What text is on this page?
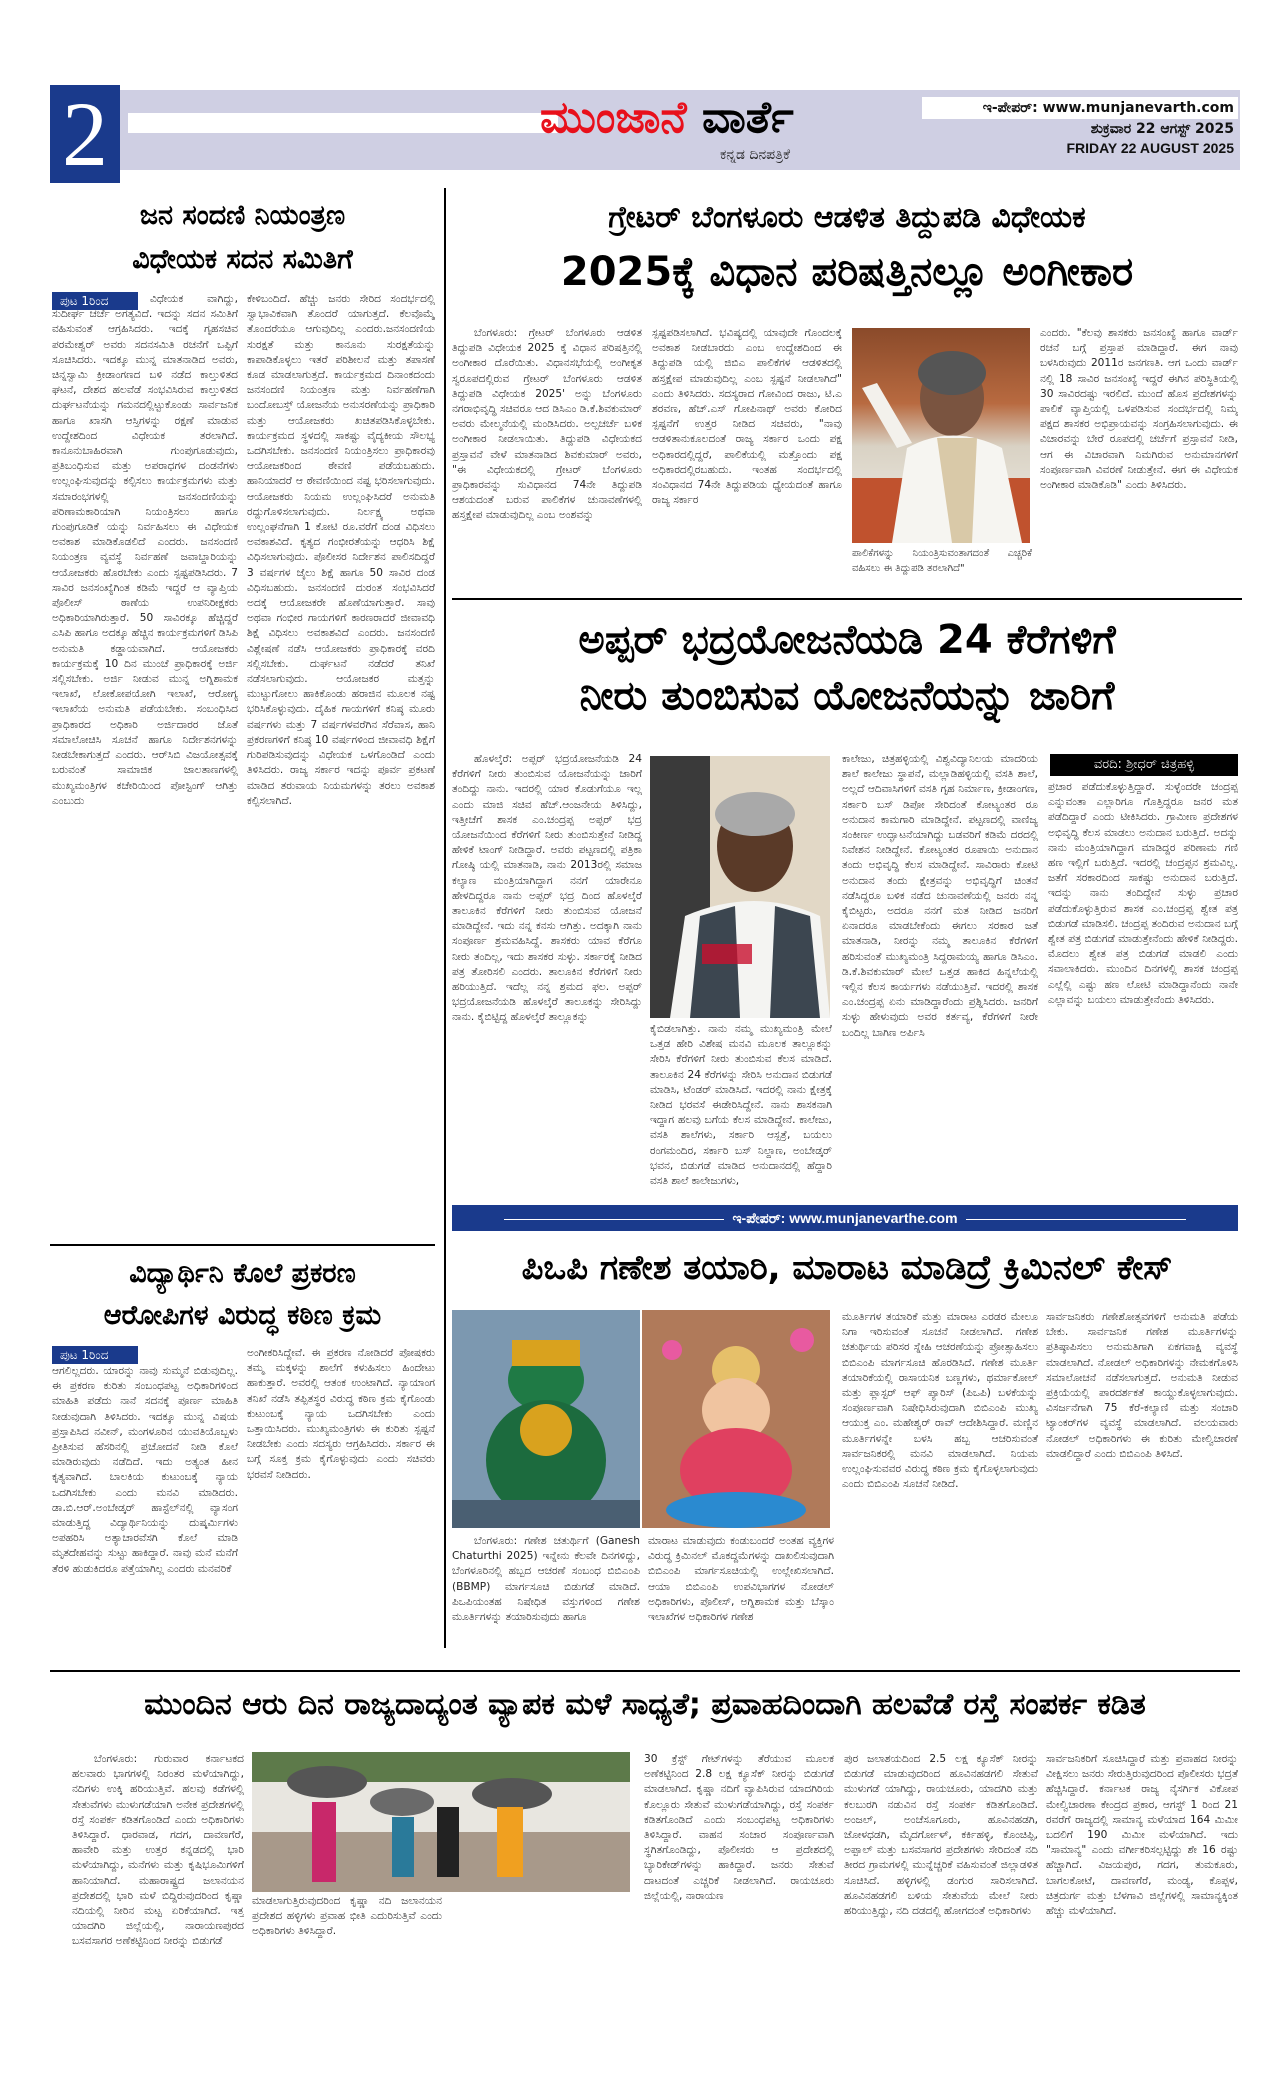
2	ಮುಂಜಾನೆ ವಾರ್ತೆ
ಕನ್ನಡ ದಿನಪತ್ರಿಕೆ
ಇ-ಪೇಪರ್: www.munjanevarth.com
ಶುಕ್ರವಾರ 22 ಆಗಸ್ಟ್ 2025
FRIDAY 22 AUGUST 2025
ಜನ ಸಂದಣಿ ನಿಯಂತ್ರಣ
ವಿಧೇಯಕ ಸದನ ಸಮಿತಿಗೆ
ಪುಟ 1ರಿಂದ	ವಿಧೇಯಕ ವಾಗಿದ್ದು, ಸುದೀರ್ಘ ಚರ್ಚೆ ಅಗತ್ಯವಿದೆ. ಇದನ್ನು ಸದನ ಸಮಿತಿಗೆ ವಹಿಸುವಂತೆ ಆಗ್ರಹಿಸಿದರು. ಇದಕ್ಕೆ ಗೃಹಸಚಿವ ಪರಮೇಶ್ವರ್ ಅವರು ಸದನಸಮಿತಿ ರಚನೆಗೆ ಒಪ್ಪಿಗೆ ಸೂಚಿಸಿದರು. ಇದಕ್ಕೂ ಮುನ್ನ ಮಾತನಾಡಿದ ಅವರು, ಚಿನ್ನಸ್ವಾಮಿ ಕ್ರೀಡಾಂಗಣದ ಬಳಿ ನಡೆದ ಕಾಲ್ತುಳಿತದ ಘಟನೆ, ದೇಶದ ಹಲವೆಡೆ ಸಂಭವಿಸಿರುವ ಕಾಲ್ತುಳಿತದ ದುರ್ಘಟನೆಯನ್ನು ಗಮನದಲ್ಲಿಟ್ಟುಕೊಂಡು ಸಾರ್ವಜನಿಕ ಹಾಗೂ ಖಾಸಗಿ ಆಸ್ತಿಗಳನ್ನು ರಕ್ಷಣೆ ಮಾಡುವ ಉದ್ದೇಶದಿಂದ ವಿಧೇಯಕ ತರಲಾಗಿದೆ. ಕಾನೂನುಬಾಹಿರವಾಗಿ ಗುಂಪುಗೂಡುವುದು, ಪ್ರತಿಬಂಧಿಸುವ ಮತ್ತು ಅಪರಾಧಗಳ ದಂಡನೆಗಳು ಉಲ್ಲಂಘಿಸುವುದನ್ನು ಕಲ್ಪಿಸಲು ಕಾರ್ಯಕ್ರಮಗಳು ಮತ್ತು ಸಮಾರಂಭಗಳಲ್ಲಿ ಜನಸಂದಣಿಯನ್ನು ಪರಿಣಾಮಕಾರಿಯಾಗಿ ನಿಯಂತ್ರಿಸಲು ಹಾಗೂ ಗುಂಪುಗೂಡಿಕೆ ಯನ್ನು ನಿರ್ವಹಿಸಲು ಈ ವಿಧೇಯಕ ಅವಕಾಶ ಮಾಡಿಕೊಡಲಿದೆ ಎಂದರು. ಜನಸಂದಣಿ ನಿಯಂತ್ರಣ ವ್ಯವಸ್ಥೆ ನಿರ್ವಹಣೆ ಜವಾಬ್ದಾರಿಯನ್ನು ಆಯೋಜಕರು ಹೊರಬೇಕು ಎಂದು ಸ್ಪಷ್ಟಪಡಿಸಿದರು. 7 ಸಾವಿರ ಜನಸಂಖ್ಯೆಗಿಂತ ಕಡಿಮೆ ಇದ್ದರೆ ಆ ವ್ಯಾಪ್ತಿಯ ಪೊಲೀಸ್ ಠಾಣೆಯ ಉಪನಿರೀಕ್ಷಕರು ಅಧಿಕಾರಿಯಾಗಿರುತ್ತಾರೆ. 50 ಸಾವಿರಕ್ಕೂ ಹೆಚ್ಚಿದ್ದರೆ ಎಸಿಪಿ ಹಾಗೂ ಅದಕ್ಕೂ ಹೆಚ್ಚಿನ ಕಾರ್ಯಕ್ರಮಗಳಿಗೆ ಡಿಸಿಪಿ ಅನುಮತಿ ಕಡ್ಡಾಯವಾಗಿದೆ. ಆಯೋಜಕರು ಕಾರ್ಯಕ್ರಮಕ್ಕೆ 10 ದಿನ ಮುಂಚೆ ಪ್ರಾಧಿಕಾರಕ್ಕೆ ಅರ್ಜಿ ಸಲ್ಲಿಸಬೇಕು. ಅರ್ಜಿ ನೀಡುವ ಮುನ್ನ ಅಗ್ನಿಶಾಮಕ ಇಲಾಖೆ, ಲೋಕೋಪಯೋಗಿ ಇಲಾಖೆ, ಆರೋಗ್ಯ ಇಲಾಖೆಯ ಅನುಮತಿ ಪಡೆಯಬೇಕು. ಸಂಬಂಧಿಸಿದ ಪ್ರಾಧಿಕಾರದ ಅಧಿಕಾರಿ ಅರ್ಜಿದಾರರ ಜೊತೆ ಸಮಾಲೋಚಿಸಿ ಸೂಚನೆ ಹಾಗೂ ನಿರ್ದೇಶನಗಳನ್ನು ನೀಡಬೇಕಾಗುತ್ತದೆ ಎಂದರು. ಆರ್‌ಸಿಬಿ ವಿಜಯೋತ್ಸವಕ್ಕೆ ಬರುವಂತೆ ಸಾಮಾಜಿಕ ಜಾಲತಾಣಗಳಲ್ಲಿ ಮುಖ್ಯಮಂತ್ರಿಗಳ ಕಚೇರಿಯಿಂದ ಪೋಸ್ಟಿಂಗ್ ಆಗಿತ್ತು ಎಂಬುದು

ಕೇಳಿಬಂದಿದೆ. ಹೆಚ್ಚು ಜನರು ಸೇರಿದ ಸಂದರ್ಭದಲ್ಲಿ ಸ್ವಾಭಾವಿಕವಾಗಿ ತೊಂದರೆ ಯಾಗುತ್ತದೆ. ಕೆಲವೊಮ್ಮೆ ತೊಂದರೆಯೂ ಆಗುವುದಿಲ್ಲ ಎಂದರು.ಜನಸಂದಣಿಯ ಸುರಕ್ಷತೆ ಮತ್ತು ಕಾನೂನು ಸುರಕ್ಷತೆಯನ್ನು ಕಾಪಾಡಿಕೊಳ್ಳಲು ಇತರೆ ಪರಿಶೀಲನೆ ಮತ್ತು ತಪಾಸಣೆ ಕೂಡ ಮಾಡಲಾಗುತ್ತದೆ. ಕಾರ್ಯಕ್ರಮದ ದಿನಾಂಕದಂದು ಜನಸಂದಣಿ ನಿಯಂತ್ರಣ ಮತ್ತು ನಿರ್ವಹಣೆಗಾಗಿ ಬಂದೋಬಸ್ತ್ ಯೋಜನೆಯ ಅನುಸರಣೆಯನ್ನು ಪ್ರಾಧಿಕಾರಿ ಮತ್ತು ಆಯೋಜಕರು ಖಚಿತಪಡಿಸಿಕೊಳ್ಳಬೇಕು. ಕಾರ್ಯಕ್ರಮದ ಸ್ಥಳದಲ್ಲಿ ಸಾಕಷ್ಟು ವೈದ್ಯಕೀಯ ಸೌಲಭ್ಯ ಒದಗಿಸಬೇಕು. ಜನಸಂದಣಿ ನಿಯಂತ್ರಿಸಲು ಪ್ರಾಧಿಕಾರವು ಆಯೋಜಕರಿಂದ ಠೇವಣಿ ಪಡೆಯಬಹುದು. ಹಾನಿಯಾದರೆ ಆ ಠೇವಣಿಯಿಂದ ನಷ್ಟ ಭರಿಸಲಾಗುವುದು. ಆಯೋಜಕರು ನಿಯಮ ಉಲ್ಲಂಘಿಸಿದರೆ ಅನುಮತಿ ರದ್ದುಗೊಳಿಸಲಾಗುವುದು. ನಿರ್ಲಕ್ಷ್ಯ ಅಥವಾ ಉಲ್ಲಂಘನೆಗಾಗಿ 1 ಕೋಟಿ ರೂ.ವರೆಗೆ ದಂಡ ವಿಧಿಸಲು ಅವಕಾಶವಿದೆ. ಕೃತ್ಯದ ಗಂಭೀರತೆಯನ್ನು ಆಧರಿಸಿ ಶಿಕ್ಷೆ ವಿಧಿಸಲಾಗುವುದು. ಪೊಲೀಸರ ನಿರ್ದೇಶನ ಪಾಲಿಸದಿದ್ದರೆ 3 ವರ್ಷಗಳ ಜೈಲು ಶಿಕ್ಷೆ ಹಾಗೂ 50 ಸಾವಿರ ದಂಡ ವಿಧಿಸಬಹುದು. ಜನಸಂದಣಿ ದುರಂತ ಸಂಭವಿಸಿದರೆ ಅದಕ್ಕೆ ಆಯೋಜಕರೇ ಹೊಣೆಯಾಗುತ್ತಾರೆ. ಸಾವು ಅಥವಾ ಗಂಭೀರ ಗಾಯಗಳಿಗೆ ಕಾರಣರಾದರೆ ಜೀವಾವಧಿ ಶಿಕ್ಷೆ ವಿಧಿಸಲು ಅವಕಾಶವಿದೆ ಎಂದರು. ಜನಸಂದಣಿ ವಿಶ್ಲೇಷಣೆ ನಡೆಸಿ ಆಯೋಜಕರು ಪ್ರಾಧಿಕಾರಕ್ಕೆ ವರದಿ ಸಲ್ಲಿಸಬೇಕು. ದುರ್ಘಟನೆ ನಡೆದರೆ ತನಿಖೆ ನಡೆಸಲಾಗುವುದು. ಆಯೋಜಕರ ಮತ್ತನ್ನು ಮುಟ್ಟುಗೋಲು ಹಾಕಿಕೊಂಡು ಹರಾಜಿನ ಮೂಲಕ ನಷ್ಟ ಭರಿಸಿಕೊಳ್ಳುವುದು. ದೈಹಿಕ ಗಾಯಗಳಿಗೆ ಕನಿಷ್ಠ ಮೂರು ವರ್ಷಗಳು ಮತ್ತು 7 ವರ್ಷಗಳವರೆಗಿನ ಸೆರೆವಾಸ, ಹಾನಿ ಪ್ರಕರಣಗಳಿಗೆ ಕನಿಷ್ಠ 10 ವರ್ಷಗಳಿಂದ ಜೀವಾವಧಿ ಶಿಕ್ಷೆಗೆ ಗುರಿಪಡಿಸುವುದನ್ನು ವಿಧೇಯಕ ಒಳಗೊಂಡಿದೆ ಎಂದು ತಿಳಿಸಿದರು. ರಾಜ್ಯ ಸರ್ಕಾರ ಇದನ್ನು ಪೂರ್ವ ಪ್ರಕಟಣೆ ಮಾಡಿದ ತರುವಾಯ ನಿಯಮಗಳನ್ನು ತರಲು ಅವಕಾಶ ಕಲ್ಪಿಸಲಾಗಿದೆ.

ಗ್ರೇಟರ್ ಬೆಂಗಳೂರು ಆಡಳಿತ ತಿದ್ದುಪಡಿ ವಿಧೇಯಕ
2025ಕ್ಕೆ ವಿಧಾನ ಪರಿಷತ್ತಿನಲ್ಲೂ ಅಂಗೀಕಾರ

ಬೆಂಗಳೂರು: ಗ್ರೇಟರ್ ಬೆಂಗಳೂರು ಆಡಳಿತ ತಿದ್ದುಪಡಿ ವಿಧೇಯಕ 2025 ಕ್ಕೆ ವಿಧಾನ ಪರಿಷತ್ತಿನಲ್ಲಿ ಅಂಗೀಕಾರ ದೊರೆಯಿತು. ವಿಧಾನಸಭೆಯಲ್ಲಿ ಅಂಗೀಕೃತ ಸ್ವರೂಪದಲ್ಲಿರುವ ಗ್ರೇಟರ್ ಬೆಂಗಳೂರು ಆಡಳಿತ ತಿದ್ದುಪಡಿ ವಿಧೇಯಕ 2025' ಅನ್ನು ಬೆಂಗಳೂರು ನಗರಾಭಿವೃದ್ಧಿ ಸಚಿವರೂ ಆದ ಡಿಸಿಎಂ ಡಿ.ಕೆ.ಶಿವಕುಮಾರ್ ಅವರು ಮೇಲ್ಮನೆಯಲ್ಲಿ ಮಂಡಿಸಿದರು. ಅಲ್ಪಚರ್ಚೆ ಬಳಿಕ ಅಂಗೀಕಾರ ನೀಡಲಾಯಿತು. ತಿದ್ದುಪಡಿ ವಿಧೇಯಕದ ಪ್ರಸ್ತಾವನೆ ವೇಳೆ ಮಾತನಾಡಿದ ಶಿವಕುಮಾರ್ ಅವರು, "ಈ ವಿಧೇಯಕದಲ್ಲಿ ಗ್ರೇಟರ್ ಬೆಂಗಳೂರು ಪ್ರಾಧಿಕಾರವನ್ನು ಸುವಿಧಾನದ 74ನೇ ತಿದ್ದುಪಡಿ ಆಶಯದಂತೆ ಬರುವ ಪಾಲಿಕೆಗಳ ಚುನಾವಣೆಗಳಲ್ಲಿ ಹಸ್ತಕ್ಷೇಪ ಮಾಡುವುದಿಲ್ಲ ಎಂಬ ಅಂಶವನ್ನು

ಸ್ಪಷ್ಟಪಡಿಸಲಾಗಿದೆ. ಭವಿಷ್ಯದಲ್ಲಿ ಯಾವುದೇ ಗೊಂದಲಕ್ಕೆ ಅವಕಾಶ ನೀಡಬಾರದು ಎಂಬ ಉದ್ದೇಶದಿಂದ ಈ ತಿದ್ದುಪಡಿ ಯಲ್ಲಿ ಜಿಬಿಎ ಪಾಲಿಕೆಗಳ ಆಡಳಿತದಲ್ಲಿ ಹಸ್ತಕ್ಷೇಪ ಮಾಡುವುದಿಲ್ಲ ಎಂಬ ಸ್ಪಷ್ಟನೆ ನೀಡಲಾಗಿದೆ" ಎಂದು ತಿಳಿಸಿದರು. ಸದಸ್ಯರಾದ ಗೋವಿಂದ ರಾಜು, ಟಿ.ಎ ಶರವಣ, ಹೆಚ್.ಎಸ್ ಗೋಪಿನಾಥ್ ಅವರು ಕೋರಿದ ಸ್ಪಷ್ಟನೆಗೆ ಉತ್ತರ ನೀಡಿದ ಸಚಿವರು, "ನಾವು ಆಡಳಿತಾನುಕೂಲದಂತೆ ರಾಜ್ಯ ಸರ್ಕಾರ ಒಂದು ಪಕ್ಷ ಅಧಿಕಾರದಲ್ಲಿದ್ದರೆ, ಪಾಲಿಕೆಯಲ್ಲಿ ಮತ್ತೊಂದು ಪಕ್ಷ ಅಧಿಕಾರದಲ್ಲಿರಬಹುದು. ಇಂತಹ ಸಂದರ್ಭದಲ್ಲಿ ಸಂವಿಧಾನದ 74ನೇ ತಿದ್ದುಪಡಿಯ ಧ್ಯೇಯದಂತೆ ಹಾಗೂ ರಾಜ್ಯ ಸರ್ಕಾರ

ಪಾಲಿಕೆಗಳನ್ನು ನಿಯಂತ್ರಿಸುವಂತಾಗದಂತೆ ಎಚ್ಚರಿಕೆ ವಹಿಸಲು ಈ ತಿದ್ದುಪಡಿ ತರಲಾಗಿದೆ"

ಎಂದರು. "ಕೆಲವು ಶಾಸಕರು ಜನಸಂಖ್ಯೆ ಹಾಗೂ ವಾರ್ಡ್ ರಚನೆ ಬಗ್ಗೆ ಪ್ರಸ್ತಾಪ ಮಾಡಿದ್ದಾರೆ. ಈಗ ನಾವು ಬಳಸಿರುವುದು 2011ರ ಜನಗಣತಿ. ಆಗ ಒಂದು ವಾರ್ಡ್ ನಲ್ಲಿ 18 ಸಾವಿರ ಜನಸಂಖ್ಯೆ ಇದ್ದರೆ ಈಗಿನ ಪರಿಸ್ಥಿತಿಯಲ್ಲಿ 30 ಸಾವಿರದಷ್ಟು ಇರಲಿದೆ. ಮುಂದೆ ಹೊಸ ಪ್ರದೇಶಗಳನ್ನು ಪಾಲಿಕೆ ವ್ಯಾಪ್ತಿಯಲ್ಲಿ ಒಳಪಡಿಸುವ ಸಂದರ್ಭದಲ್ಲಿ ನಿಮ್ಮ ಪಕ್ಷದ ಶಾಸಕರ ಅಭಿಪ್ರಾಯವನ್ನು ಸಂಗ್ರಹಿಸಲಾಗುವುದು. ಈ ವಿಚಾರವನ್ನು ಬೇರೆ ರೂಪದಲ್ಲಿ ಚರ್ಚೆಗೆ ಪ್ರಸ್ತಾವನೆ ನೀಡಿ, ಆಗ ಈ ವಿಚಾರವಾಗಿ ನಿಮಗಿರುವ ಅನುಮಾನಗಳಿಗೆ ಸಂಪೂರ್ಣವಾಗಿ ವಿವರಣೆ ನೀಡುತ್ತೇನೆ. ಈಗ ಈ ವಿಧೇಯಕ ಅಂಗೀಕಾರ ಮಾಡಿಕೊಡಿ" ಎಂದು ತಿಳಿಸಿದರು.

ಅಪ್ಪರ್ ಭದ್ರಯೋಜನೆಯಡಿ 24 ಕೆರೆಗಳಿಗೆ
ನೀರು ತುಂಬಿಸುವ ಯೋಜನೆಯನ್ನು ಜಾರಿಗೆ

ಹೊಳಲ್ಕೆರೆ: ಅಪ್ಪರ್ ಭದ್ರಯೋಜನೆಯಡಿ 24 ಕೆರೆಗಳಿಗೆ ನೀರು ತುಂಬಿಸುವ ಯೋಜನೆಯನ್ನು ಜಾರಿಗೆ ತಂದಿದ್ದು ನಾನು. ಇದರಲ್ಲಿ ಯಾರ ಕೊಡುಗೆಯೂ ಇಲ್ಲ ಎಂದು ಮಾಜಿ ಸಚಿವ ಹೆಚ್.ಆಂಜನೇಯ ತಿಳಿಸಿದ್ದು, ಇತ್ತೀಚೆಗೆ ಶಾಸಕ ಎಂ.ಚಂದ್ರಪ್ಪ ಅಪ್ಪರ್ ಭದ್ರ ಯೋಜನೆಯಿಂದ ಕೆರೆಗಳಿಗೆ ನೀರು ತುಂಬಿಸುತ್ತೇನೆ ನೀಡಿದ್ದ ಹೇಳಿಕೆ ಟಾಂಗ್ ನೀಡಿದ್ದಾರೆ. ಅವರು ಪಟ್ಟಣದಲ್ಲಿ ಪತ್ರಿಕಾ ಗೋಷ್ಠಿ ಯಲ್ಲಿ ಮಾತನಾಡಿ, ನಾನು 2013ರಲ್ಲಿ ಸಮಾಜ ಕಲ್ಯಾಣ ಮಂತ್ರಿಯಾಗಿದ್ದಾಗ ನನಗೆ ಯಾರೇನೂ ಹೇಳದಿದ್ದರೂ ನಾನು ಅಪ್ಪರ್ ಭದ್ರ ದಿಂದ ಹೊಳಲ್ಕೆರೆ ತಾಲೂಕಿನ ಕೆರೆಗಳಿಗೆ ನೀರು ತುಂಬಿಸುವ ಯೋಜನೆ ಮಾಡಿದ್ದೇನೆ. ಇದು ನನ್ನ ಕನಸು ಆಗಿತ್ತು. ಅದಕ್ಕಾಗಿ ನಾನು ಸಂಪೂರ್ಣ ಶ್ರಮವಹಿಸಿದ್ದೆ. ಶಾಸಕರು ಯಾವ ಕೆರೆಗೂ ನೀರು ತಂದಿಲ್ಲ, ಇದು ಶಾಸಕರ ಸುಳ್ಳು. ಸರ್ಕಾರಕ್ಕೆ ನೀಡಿದ ಪತ್ರ ತೋರಿಸಲಿ ಎಂದರು. ತಾಲೂಕಿನ ಕೆರೆಗಳಿಗೆ ನೀರು ಹರಿಯುತ್ತಿದೆ. ಇದೆಲ್ಲ ನನ್ನ ಶ್ರಮದ ಫಲ. ಅಪ್ಪರ್ ಭದ್ರಯೋಜನೆಯಡಿ ಹೊಳಲ್ಕೆರೆ ತಾಲೂಕನ್ನು ಸೇರಿಸಿದ್ದು ನಾನು. ಕೈಬಿಟ್ಟಿದ್ದ ಹೊಳಲ್ಕೆರೆ ತಾಲ್ಲೂಕನ್ನು

ಕೈಬಿಡಲಾಗಿತ್ತು. ನಾನು ನಮ್ಮ ಮುಖ್ಯಮಂತ್ರಿ ಮೇಲೆ ಒತ್ತಡ ಹೇರಿ ವಿಶೇಷ ಮನವಿ ಮೂಲಕ ತಾಲ್ಲೂಕನ್ನು ಸೇರಿಸಿ ಕೆರೆಗಳಿಗೆ ನೀರು ತುಂಬಿಸುವ ಕೆಲಸ ಮಾಡಿದೆ. ತಾಲೂಕಿನ 24 ಕೆರೆಗಳನ್ನು ಸೇರಿಸಿ ಅನುದಾನ ಬಿಡುಗಡೆ ಮಾಡಿಸಿ, ಟೆಂಡರ್ ಮಾಡಿಸಿದೆ. ಇದರಲ್ಲಿ ನಾನು ಕ್ಷೇತ್ರಕ್ಕೆ ನೀಡಿದ ಭರವಸೆ ಈಡೇರಿಸಿದ್ದೇನೆ. ನಾನು ಶಾಸಕನಾಗಿ ಇದ್ದಾಗ ಹಲವು ಬಗೆಯ ಕೆಲಸ ಮಾಡಿದ್ದೇನೆ. ಕಾಲೇಜು, ವಸತಿ ಶಾಲೆಗಳು, ಸರ್ಕಾರಿ ಆಸ್ಪತ್ರೆ, ಬಯಲು ರಂಗಮಂದಿರ, ಸರ್ಕಾರಿ ಬಸ್ ನಿಲ್ದಾಣ, ಅಂಬೇಡ್ಕರ್ ಭವನ, ಬಿಡುಗಡೆ ಮಾಡಿದ ಅನುದಾನದಲ್ಲಿ ಹೆದ್ದಾರಿ ವಸತಿ ಶಾಲೆ ಕಾಲೇಜುಗಳು,

ಕಾಲೇಜು, ಚಿತ್ರಹಳ್ಳಿಯಲ್ಲಿ ವಿಶ್ವವಿದ್ಯಾನಿಲಯ ಮಾದರಿಯ ಶಾಲೆ ಕಾಲೇಜು ಸ್ಥಾಪನೆ, ಮಲ್ಲಾಡಿಹಳ್ಳಿಯಲ್ಲಿ ವಸತಿ ಶಾಲೆ, ಅಲ್ಲದೆ ಆದಿವಾಸಿಗಳಿಗೆ ವಸತಿ ಗೃಹ ನಿರ್ಮಾಣ, ಕ್ರೀಡಾಂಗಣ, ಸರ್ಕಾರಿ ಬಸ್ ಡಿಪೋ ಸೇರಿದಂತೆ ಕೋಟ್ಯಂತರ ರೂ ಅನುದಾನ ಕಾಮಗಾರಿ ಮಾಡಿದ್ದೇನೆ. ಪಟ್ಟಣದಲ್ಲಿ ವಾಣಿಜ್ಯ ಸಂಕೀರ್ಣ ಉದ್ಘಾಟನೆಯಾಗಿದ್ದು ಬಡವರಿಗೆ ಕಡಿಮೆ ದರದಲ್ಲಿ ನಿವೇಶನ ನೀಡಿದ್ದೇನೆ. ಕೋಟ್ಯಂತರ ರೂಪಾಯಿ ಅನುದಾನ ತಂದು ಅಭಿವೃದ್ಧಿ ಕೆಲಸ ಮಾಡಿದ್ದೇನೆ. ಸಾವಿರಾರು ಕೋಟಿ ಅನುದಾನ ತಂದು ಕ್ಷೇತ್ರವನ್ನು ಅಭಿವೃದ್ಧಿಗೆ ಚಿಂತನೆ ನಡೆಸಿದ್ದರೂ ಬಳಿಕ ನಡೆದ ಚುನಾವಣೆಯಲ್ಲಿ ಜನರು ನನ್ನ ಕೈಬಿಟ್ಟರು, ಅದರೂ ನನಗೆ ಮತ ನೀಡಿದ ಜನರಿಗೆ ಏನಾದರೂ ಮಾಡಬೇಕೆಂದು ಈಗಲು ಸರಕಾರ ಜತೆ ಮಾತನಾಡಿ, ನೀರನ್ನು ನಮ್ಮ ತಾಲೂಕಿನ ಕೆರೆಗಳಿಗೆ ಹರಿಸುವಂತೆ ಮುಖ್ಯಮಂತ್ರಿ ಸಿದ್ದರಾಮಯ್ಯ ಹಾಗೂ ಡಿಸಿಎಂ. ಡಿ.ಕೆ.ಶಿವಕುಮಾರ್ ಮೇಲೆ ಒತ್ತಡ ಹಾಕಿದ ಹಿನ್ನಲೆಯಲ್ಲಿ ಇಲ್ಲಿನ ಕೆಲಸ ಕಾರ್ಯಗಳು ನಡೆಯುತ್ತಿವೆ. ಇದರಲ್ಲಿ ಶಾಸಕ ಎಂ.ಚಂದ್ರಪ್ಪ ಏನು ಮಾಡಿದ್ದಾರೆಂದು ಪ್ರಶ್ನಿಸಿದರು. ಜನರಿಗೆ ಸುಳ್ಳು ಹೇಳುವುದು ಅವರ ಕರ್ತವ್ಯ, ಕೆರೆಗಳಿಗೆ ನೀರೇ ಬಂದಿಲ್ಲ ಬಾಗಿಣ ಅರ್ಪಿಸಿ

ವರದಿ: ಶ್ರೀಧರ್ ಚಿತ್ರಹಳ್ಳಿ

ಪ್ರಚಾರ ಪಡೆದುಕೊಳ್ಳುತ್ತಿದ್ದಾರೆ. ಸುಳ್ಳೆಂದರೇ ಚಂದ್ರಪ್ಪ ಎನ್ನುವಂತಾ ಎಲ್ಲಾರಿಗೂ ಗೊತ್ತಿದ್ದರೂ ಜನರ ಮತ ಪಡೆದಿದ್ದಾರೆ ಎಂದು ಟೀಕಿಸಿದರು. ಗ್ರಾಮೀಣ ಪ್ರದೇಶಗಳ ಅಭಿವೃದ್ಧಿ ಕೆಲಸ ಮಾಡಲು ಅನುದಾನ ಬರುತ್ತಿದೆ. ಅದನ್ನು ನಾನು ಮಂತ್ರಿಯಾಗಿದ್ದಾಗ ಮಾಡಿದ್ದರ ಪರಿಣಾಮ ಗಣಿ ಹಣ ಇಲ್ಲಿಗೆ ಬರುತ್ತಿದೆ. ಇದರಲ್ಲಿ ಚಂದ್ರಪ್ಪನ ಶ್ರಮವಿಲ್ಲ. ಜತೆಗೆ ಸರಕಾರದಿಂದ ಸಾಕಷ್ಟು ಅನುದಾನ ಬರುತ್ತಿದೆ. ಇದನ್ನು ನಾನು ತಂದಿದ್ದೇನೆ ಸುಳ್ಳು ಪ್ರಚಾರ ಪಡೆದುಕೊಳ್ಳುತ್ತಿರುವ ಶಾಸಕ ಎಂ.ಚಂದ್ರಪ್ಪ ಶ್ವೇತ ಪತ್ರ ಬಿಡುಗಡೆ ಮಾಡಿಸಲಿ. ಚಂದ್ರಪ್ಪ ತಂದಿರುವ ಅನುದಾನ ಬಗ್ಗೆ ಶ್ವೇತ ಪತ್ರ ಬಿಡುಗಡೆ ಮಾಡುತ್ತೇನೆಂದು ಹೇಳಿಕೆ ನೀಡಿದ್ದರು. ಮೊದಲು ಶ್ವೇತ ಪತ್ರ ಬಿಡುಗಡೆ ಮಾಡಲಿ ಎಂದು ಸವಾಲಾಕಿದರು. ಮುಂದಿನ ದಿನಗಳಲ್ಲಿ ಶಾಸಕ ಚಂದ್ರಪ್ಪ ಎಲ್ಲೆಲ್ಲಿ ಎಷ್ಟು ಹಣ ಲೋಟಿ ಮಾಡಿದ್ದಾನೆಂದು ನಾನೇ ಎಲ್ಲಾವನ್ನು ಬಯಲು ಮಾಡುತ್ತೇನೆಂದು ತಿಳಿಸಿದರು.

ಇ-ಪೇಪರ್: www.munjanevarthe.com
ವಿದ್ಯಾರ್ಥಿನಿ ಕೊಲೆ ಪ್ರಕರಣ
ಆರೋಪಿಗಳ ವಿರುದ್ಧ ಕಠಿಣ ಕ್ರಮ
ಪುಟ 1ರಿಂದ

ಆಗಲಿಲ್ಲದರು. ಯಾರನ್ನು ನಾವು ಸುಮ್ಮನೆ ಬಿಡುವುದಿಲ್ಲ. ಈ ಪ್ರಕರಣ ಕುರಿತು ಸಂಬಂಧಪಟ್ಟ ಅಧಿಕಾರಿಗಳಿಂದ ಮಾಹಿತಿ ಪಡೆದು ನಾನೆ ಸದನಕ್ಕೆ ಪೂರ್ಣ ಮಾಹಿತಿ ನೀಡುವುದಾಗಿ ತಿಳಿಸಿದರು. ಇದಕ್ಕೂ ಮುನ್ನ ವಿಷಯ ಪ್ರಸ್ತಾಪಿಸಿದ ನವೀನ್, ಮಂಗಳೂರಿನ ಯುವತಿಯೊಬ್ಬಳು ಪ್ರೀತಿಸುವ ಹೆಸರಿನಲ್ಲಿ ಪ್ರಚೋದನೆ ನೀಡಿ ಕೊಲೆ ಮಾಡಿರುವುದು ನಡೆದಿದೆ. ಇದು ಅತ್ಯಂತ ಹೀನ ಕೃತ್ಯವಾಗಿದೆ. ಬಾಲಕಿಯ ಕುಟುಂಬಕ್ಕೆ ನ್ಯಾಯ ಒದಗಿಸಬೇಕು ಎಂದು ಮನವಿ ಮಾಡಿದರು. ಡಾ.ಬಿ.ಆರ್.ಅಂಬೇಡ್ಕರ್ ಹಾಸ್ಟೆಲ್‌ನಲ್ಲಿ ವ್ಯಾಸಂಗ ಮಾಡುತ್ತಿದ್ದ ವಿದ್ಯಾರ್ಥಿನಿಯನ್ನು ದುಷ್ಕರ್ಮಿಗಳು ಅಪಹರಿಸಿ ಅತ್ಯಾಚಾರವೆಸಗಿ ಕೊಲೆ ಮಾಡಿ ಮೃತದೇಹವನ್ನು ಸುಟ್ಟು ಹಾಕಿದ್ದಾರೆ. ನಾವು ಮನೆ ಮನೆಗೆ ತೆರಳಿ ಹುಡುಕಿದರೂ ಪತ್ತೆಯಾಗಿಲ್ಲ ಎಂದರು ಮನವರಿಕೆ

ಅಂಗೀಕರಿಸಿದ್ದೇವೆ. ಈ ಪ್ರಕರಣ ನೋಡಿದರೆ ಪೋಷಕರು ತಮ್ಮ ಮಕ್ಕಳನ್ನು ಶಾಲೆಗೆ ಕಳುಹಿಸಲು ಹಿಂದೇಟು ಹಾಕುತ್ತಾರೆ. ಅವರಲ್ಲಿ ಆತಂಕ ಉಂಟಾಗಿದೆ. ನ್ಯಾಯಾಂಗ ತನಿಖೆ ನಡೆಸಿ ತಪ್ಪಿತಸ್ಥರ ವಿರುದ್ಧ ಕಠಿಣ ಕ್ರಮ ಕೈಗೊಂಡು ಕುಟುಂಬಕ್ಕೆ ನ್ಯಾಯ ಒದಗಿಸಬೇಕು ಎಂದು ಒತ್ತಾಯಿಸಿದರು. ಮುಖ್ಯಮಂತ್ರಿಗಳು ಈ ಕುರಿತು ಸ್ಪಷ್ಟನೆ ನೀಡಬೇಕು ಎಂದು ಸದಸ್ಯರು ಆಗ್ರಹಿಸಿದರು. ಸರ್ಕಾರ ಈ ಬಗ್ಗೆ ಸೂಕ್ತ ಕ್ರಮ ಕೈಗೊಳ್ಳುವುದು ಎಂದು ಸಚಿವರು ಭರವಸೆ ನೀಡಿದರು.

ಪಿಒಪಿ ಗಣೇಶ ತಯಾರಿ, ಮಾರಾಟ ಮಾಡಿದ್ರೆ ಕ್ರಿಮಿನಲ್ ಕೇಸ್

ಬೆಂಗಳೂರು: ಗಣೇಶ ಚತುರ್ಥಿಗೆ (Ganesh Chaturthi 2025) ಇನ್ನೇನು ಕೆಲವೇ ದಿನಗಳಿದ್ದು, ಬೆಂಗಳೂರಿನಲ್ಲಿ ಹಬ್ಬದ ಆಚರಣೆ ಸಂಬಂಧ ಬಿಬಿಎಂಪಿ (BBMP) ಮಾರ್ಗಸೂಚಿ ಬಿಡುಗಡೆ ಮಾಡಿದೆ. ಪಿಒಪಿಯಂತಹ ನಿಷೇಧಿತ ವಸ್ತುಗಳಿಂದ ಗಣೇಶ ಮೂರ್ತಿಗಳನ್ನು ತಯಾರಿಸುವುದು ಹಾಗೂ

ಮಾರಾಟ ಮಾಡುವುದು ಕಂಡುಬಂದರೆ ಅಂತಹ ವ್ಯಕ್ತಿಗಳ ವಿರುದ್ಧ ಕ್ರಿಮಿನಲ್ ಮೊಕದ್ದಮೆಗಳನ್ನು ದಾಖಲಿಸುವುದಾಗಿ ಬಿಬಿಎಂಪಿ ಮಾರ್ಗಸೂಚಿಯಲ್ಲಿ ಉಲ್ಲೇಖಿಸಲಾಗಿದೆ. ಆಯಾ ಬಿಬಿಎಂಪಿ ಉಪವಿಭಾಗಗಳ ನೋಡಲ್ ಅಧಿಕಾರಿಗಳು, ಪೊಲೀಸ್, ಅಗ್ನಿಶಾಮಕ ಮತ್ತು ಬೆಸ್ಕಾಂ ಇಲಾಖೆಗಳ ಅಧಿಕಾರಿಗಳ ಗಣೇಶ

ಮೂರ್ತಿಗಳ ತಯಾರಿಕೆ ಮತ್ತು ಮಾರಾಟ ಎರಡರ ಮೇಲೂ ನಿಗಾ ಇರಿಸುವಂತೆ ಸೂಚನೆ ನೀಡಲಾಗಿದೆ. ಗಣೇಶ ಚತುರ್ಥಿಯ ಪರಿಸರ ಸ್ನೇಹಿ ಆಚರಣೆಯನ್ನು ಪ್ರೋತ್ಸಾಹಿಸಲು ಬಿಬಿಎಂಪಿ ಮಾರ್ಗಸೂಚಿ ಹೊರಡಿಸಿದೆ. ಗಣೇಶ ಮೂರ್ತಿ ತಯಾರಿಕೆಯಲ್ಲಿ ರಾಸಾಯನಿಕ ಬಣ್ಣಗಳು, ಥರ್ಮಾಕೋಲ್ ಮತ್ತು ಪ್ಲಾಸ್ಟರ್ ಆಫ್ ಪ್ಯಾರಿಸ್ (ಪಿಒಪಿ) ಬಳಕೆಯನ್ನು ಸಂಪೂರ್ಣವಾಗಿ ನಿಷೇಧಿಸಿರುವುದಾಗಿ ಬಿಬಿಎಂಪಿ ಮುಖ್ಯ ಆಯುಕ್ತ ಎಂ. ಮಹೇಶ್ವರ್ ರಾವ್ ಆದೇಶಿಸಿದ್ದಾರೆ. ಮಣ್ಣಿನ ಮೂರ್ತಿಗಳನ್ನೇ ಬಳಸಿ ಹಬ್ಬ ಆಚರಿಸುವಂತೆ ಸಾರ್ವಜನಿಕರಲ್ಲಿ ಮನವಿ ಮಾಡಲಾಗಿದೆ. ನಿಯಮ ಉಲ್ಲಂಘಿಸುವವರ ವಿರುದ್ಧ ಕಠಿಣ ಕ್ರಮ ಕೈಗೊಳ್ಳಲಾಗುವುದು ಎಂದು ಬಿಬಿಎಂಪಿ ಸೂಚನೆ ನೀಡಿದೆ.

ಸಾರ್ವಜನಿಕರು ಗಣೇಶೋತ್ಸವಗಳಿಗೆ ಅನುಮತಿ ಪಡೆಯ ಬೇಕು. ಸಾರ್ವಜನಿಕ ಗಣೇಶ ಮೂರ್ತಿಗಳನ್ನು ಪ್ರತಿಷ್ಠಾಪಿಸಲು ಅನುಮತಿಗಾಗಿ ಏಕಗವಾಕ್ಷಿ ವ್ಯವಸ್ಥೆ ಮಾಡಲಾಗಿದೆ. ನೋಡಲ್ ಅಧಿಕಾರಿಗಳನ್ನು ನೇಮಕಗೊಳಿಸಿ ಸಮಾಲೋಚನೆ ನಡೆಸಲಾಗುತ್ತದೆ. ಅನುಮತಿ ನೀಡುವ ಪ್ರಕ್ರಿಯೆಯಲ್ಲಿ ಪಾರದರ್ಶಕತೆ ಕಾಯ್ದುಕೊಳ್ಳಲಾಗುವುದು. ವಿಸರ್ಜನೆಗಾಗಿ 75 ಕೆರೆ-ಕಲ್ಯಾಣಿ ಮತ್ತು ಸಂಚಾರಿ ಟ್ಯಾಂಕರ್‌ಗಳ ವ್ಯವಸ್ಥೆ ಮಾಡಲಾಗಿದೆ. ವಲಯವಾರು ನೋಡಲ್ ಅಧಿಕಾರಿಗಳು ಈ ಕುರಿತು ಮೇಲ್ವಿಚಾರಣೆ ಮಾಡಲಿದ್ದಾರೆ ಎಂದು ಬಿಬಿಎಂಪಿ ತಿಳಿಸಿದೆ.

ಮುಂದಿನ ಆರು ದಿನ ರಾಜ್ಯದಾದ್ಯಂತ ವ್ಯಾಪಕ ಮಳೆ ಸಾಧ್ಯತೆ; ಪ್ರವಾಹದಿಂದಾಗಿ ಹಲವೆಡೆ ರಸ್ತೆ ಸಂಪರ್ಕ ಕಡಿತ

ಬೆಂಗಳೂರು: ಗುರುವಾರ ಕರ್ನಾಟಕದ ಹಲವಾರು ಭಾಗಗಳಲ್ಲಿ ನಿರಂತರ ಮಳೆಯಾಗಿದ್ದು, ನದಿಗಳು ಉಕ್ಕಿ ಹರಿಯುತ್ತಿವೆ. ಹಲವು ಕಡೆಗಳಲ್ಲಿ ಸೇತುವೆಗಳು ಮುಳುಗಡೆಯಾಗಿ ಅನೇಕ ಪ್ರದೇಶಗಳಲ್ಲಿ ರಸ್ತೆ ಸಂಪರ್ಕ ಕಡಿತಗೊಂಡಿದೆ ಎಂದು ಅಧಿಕಾರಿಗಳು ತಿಳಿಸಿದ್ದಾರೆ. ಧಾರವಾಡ, ಗದಗ, ದಾವಣಗೆರೆ, ಹಾವೇರಿ ಮತ್ತು ಉತ್ತರ ಕನ್ನಡದಲ್ಲಿ ಭಾರಿ ಮಳೆಯಾಗಿದ್ದು, ಮನೆಗಳು ಮತ್ತು ಕೃಷಿಭೂಮಿಗಳಿಗೆ ಹಾನಿಯಾಗಿದೆ. ಮಹಾರಾಷ್ಟ್ರದ ಜಲಾನಯನ ಪ್ರದೇಶದಲ್ಲಿ ಭಾರಿ ಮಳೆ ಬಿದ್ದಿರುವುದರಿಂದ ಕೃಷ್ಣಾ ನದಿಯಲ್ಲಿ ನೀರಿನ ಮಟ್ಟ ಏರಿಕೆಯಾಗಿದೆ. ಇತ್ತ ಯಾದಗಿರಿ ಜಿಲ್ಲೆಯಲ್ಲಿ, ನಾರಾಯಣಪುರದ ಬಸವಸಾಗರ ಅಣೆಕಟ್ಟಿನಿಂದ ನೀರನ್ನು ಬಿಡುಗಡೆ

ಮಾಡಲಾಗುತ್ತಿರುವುದರಿಂದ ಕೃಷ್ಣಾ ನದಿ ಜಲಾನಯನ ಪ್ರದೇಶದ ಹಳ್ಳಿಗಳು ಪ್ರವಾಹ ಭೀತಿ ಎದುರಿಸುತ್ತಿವೆ ಎಂದು ಅಧಿಕಾರಿಗಳು ತಿಳಿಸಿದ್ದಾರೆ.

30 ಕ್ರೆಸ್ಟ್ ಗೇಟ್‌ಗಳನ್ನು ತೆರೆಯುವ ಮೂಲಕ ಅಣೆಕಟ್ಟಿನಿಂದ 2.8 ಲಕ್ಷ ಕ್ಯೂಸೆಕ್ ನೀರನ್ನು ಬಿಡುಗಡೆ ಮಾಡಲಾಗಿದೆ. ಕೃಷ್ಣಾ ನದಿಗೆ ವ್ಯಾಪಿಸಿರುವ ಯಾದಗಿರಿಯ ಕೊಲ್ಲೂರು ಸೇತುವೆ ಮುಳುಗಡೆಯಾಗಿದ್ದು, ರಸ್ತೆ ಸಂಪರ್ಕ ಕಡಿತಗೊಂಡಿದೆ ಎಂದು ಸಂಬಂಧಪಟ್ಟ ಅಧಿಕಾರಿಗಳು ತಿಳಿಸಿದ್ದಾರೆ. ವಾಹನ ಸಂಚಾರ ಸಂಪೂರ್ಣವಾಗಿ ಸ್ಥಗಿತಗೊಂಡಿದ್ದು, ಪೊಲೀಸರು ಆ ಪ್ರದೇಶದಲ್ಲಿ ಬ್ಯಾರಿಕೇಡ್‌ಗಳನ್ನು ಹಾಕಿದ್ದಾರೆ. ಜನರು ಸೇತುವೆ ದಾಟದಂತೆ ಎಚ್ಚರಿಕೆ ನೀಡಲಾಗಿದೆ. ರಾಯಚೂರು ಜಿಲ್ಲೆಯಲ್ಲಿ, ನಾರಾಯಣ

ಪುರ ಜಲಾಶಯದಿಂದ 2.5 ಲಕ್ಷ ಕ್ಯೂಸೆಕ್ ನೀರನ್ನು ಬಿಡುಗಡೆ ಮಾಡುವುದರಿಂದ ಹೂವಿನಹಡಗಲಿ ಸೇತುವೆ ಮುಳುಗಡೆ ಯಾಗಿದ್ದು, ರಾಯಚೂರು, ಯಾದಗಿರಿ ಮತ್ತು ಕಲಬುರಗಿ ನಡುವಿನ ರಸ್ತೆ ಸಂಪರ್ಕ ಕಡಿತಗೊಂಡಿದೆ. ಅಂಜಲ್, ಅಂಚೆಸೂಗೂರು, ಹೂವಿನಹಡಗಿ, ಜೋಳಧಡಗಿ, ಮೈದರ್ಗೋಳ್, ಕರ್ಕಿಹಳ್ಳಿ, ಕೊಂಚಿಪ್ಪಿ, ಅಪ್ಪಾಲ್ ಮತ್ತು ಬಸವಸಾಗರ ಪ್ರದೇಶಗಳು ಸೇರಿದಂತೆ ನದಿ ತೀರದ ಗ್ರಾಮಗಳಲ್ಲಿ ಮುನ್ನೆಚ್ಚರಿಕೆ ವಹಿಸುವಂತೆ ಜಿಲ್ಲಾಡಳಿತ ಸೂಚಿಸಿದೆ. ಹಳ್ಳಿಗಳಲ್ಲಿ ಡಂಗುರ ಸಾರಿಸಲಾಗಿದೆ. ಹೂವಿನಹಡಗಲಿ ಬಳಿಯ ಸೇತುವೆಯ ಮೇಲೆ ನೀರು ಹರಿಯುತ್ತಿದ್ದು, ನದಿ ದಡದಲ್ಲಿ ಹೋಗದಂತೆ ಅಧಿಕಾರಿಗಳು

ಸಾರ್ವಜನಿಕರಿಗೆ ಸೂಚಿಸಿದ್ದಾರೆ ಮತ್ತು ಪ್ರವಾಹದ ನೀರನ್ನು ವೀಕ್ಷಿಸಲು ಜನರು ಸೇರುತ್ತಿರುವುದರಿಂದ ಪೊಲೀಸರು ಭದ್ರತೆ ಹೆಚ್ಚಿಸಿದ್ದಾರೆ. ಕರ್ನಾಟಕ ರಾಜ್ಯ ನೈಸರ್ಗಿಕ ವಿಕೋಪ ಮೇಲ್ವಿಚಾರಣಾ ಕೇಂದ್ರದ ಪ್ರಕಾರ, ಆಗಸ್ಟ್ 1 ರಿಂದ 21 ರವರೆಗೆ ರಾಜ್ಯದಲ್ಲಿ ಸಾಮಾನ್ಯ ಮಳೆಯಾದ 164 ಮಿಮೀ ಬದಲಿಗೆ 190 ಮಿಮೀ ಮಳೆಯಾಗಿದೆ. ಇದು "ಸಾಮಾನ್ಯ" ಎಂದು ವರ್ಗೀಕರಿಸಲ್ಪಟ್ಟಿದ್ದು ಶೇ 16 ರಷ್ಟು ಹೆಚ್ಚಾಗಿದೆ. ವಿಜಯಪುರ, ಗದಗ, ತುಮಕೂರು, ಬಾಗಲಕೋಟೆ, ದಾವಣಗೆರೆ, ಮಂಡ್ಯ, ಕೊಪ್ಪಳ, ಚಿತ್ರದುರ್ಗ ಮತ್ತು ಬೆಳಗಾವಿ ಜಿಲ್ಲೆಗಳಲ್ಲಿ ಸಾಮಾನ್ಯಕ್ಕಿಂತ ಹೆಚ್ಚು ಮಳೆಯಾಗಿದೆ.
